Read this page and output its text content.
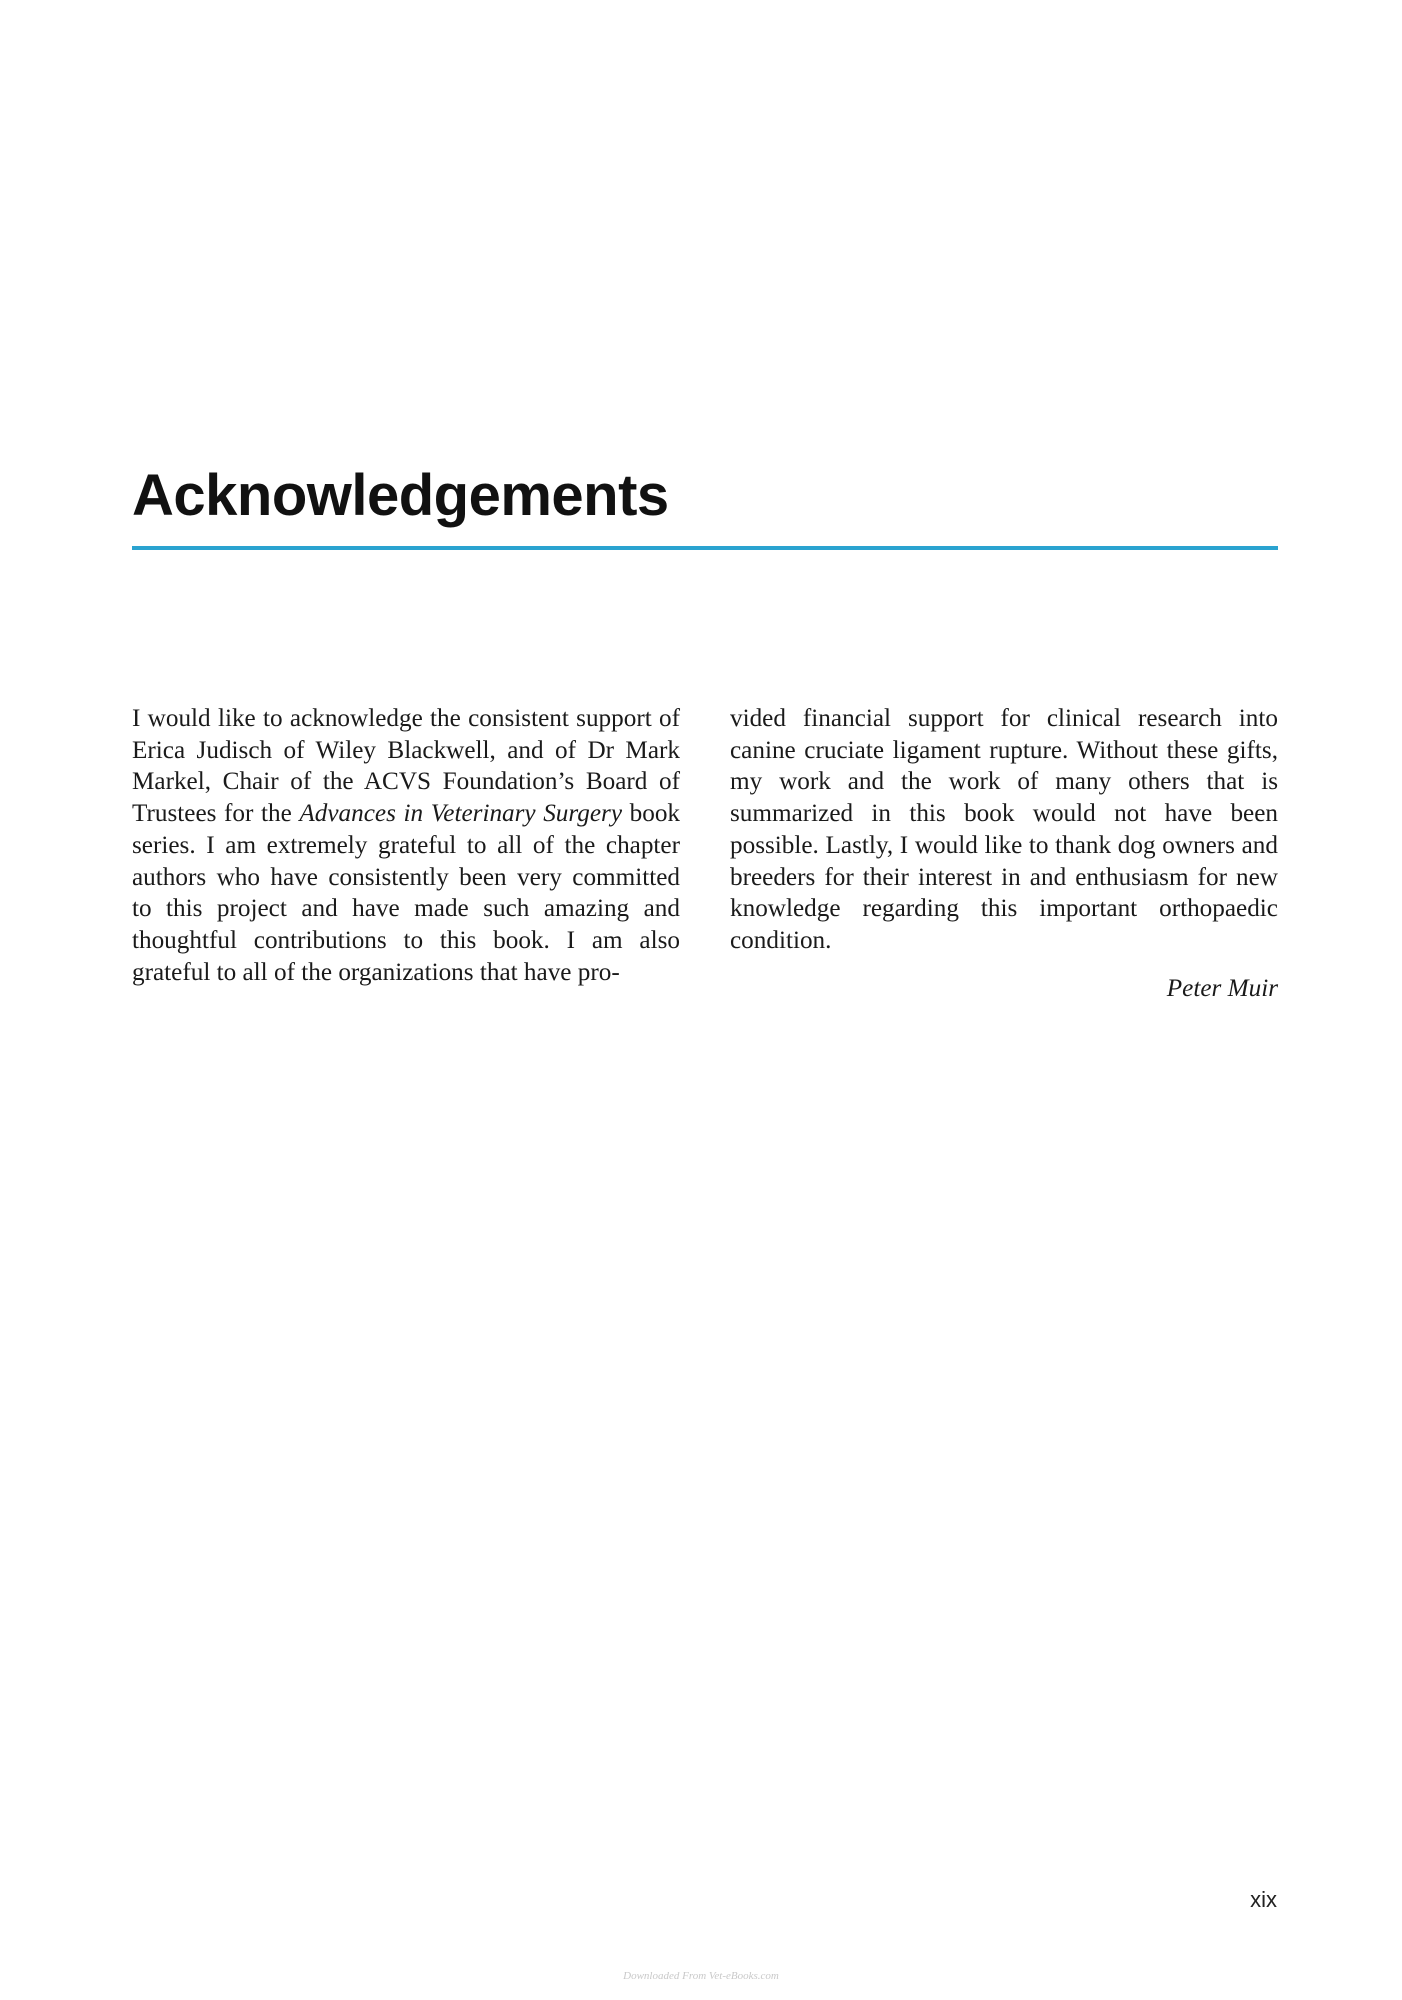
Acknowledgements

I would like to acknowledge the consistent support of Erica Judisch of Wiley Blackwell, and of Dr Mark Markel, Chair of the ACVS Foundation’s Board of Trustees for the Advances in Veterinary Surgery book series. I am extremely grateful to all of the chapter authors who have consistently been very committed to this project and have made such amazing and thoughtful contributions to this book. I am also grateful to all of the organizations that have pro-

vided financial support for clinical research into canine cruciate ligament rupture. Without these gifts, my work and the work of many others that is summarized in this book would not have been possible. Lastly, I would like to thank dog owners and breeders for their interest in and enthusiasm for new knowledge regarding this important orthopaedic condition.

Peter Muir

xix
Downloaded From Vet-eBooks.com
